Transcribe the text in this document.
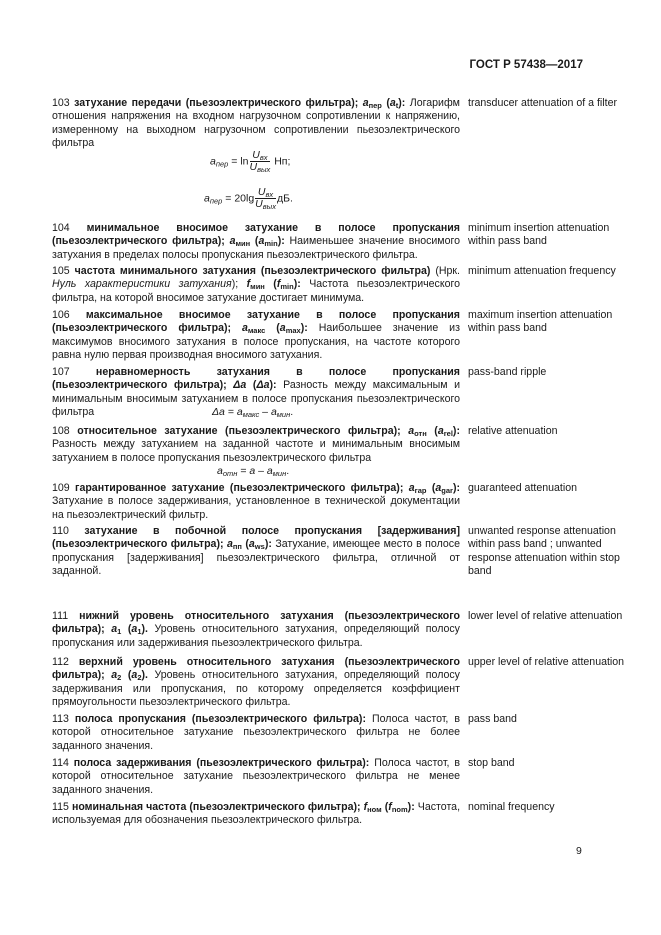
ГОСТ Р 57438—2017
103 затухание передачи (пьезоэлектрического фильтра); $a_{пер}$ $(a_t)$: Логарифм отношения напряжения на входном нагрузочном сопротивлении к напряжению, измеренному на выходном нагрузочном сопротивлении пьезоэлектрического фильтра
transducer attenuation of a filter
$a_{пер} = \ln \frac{U_{вх}}{U_{вых}}$ Нп;
$a_{пер} = 20\lg \frac{U_{вх}}{U_{вых}}$ дБ.
104 минимальное вносимое затухание в полосе пропускания (пьезоэлектрического фильтра); $a_{мин}$ $(a_{min})$: Наименьшее значение вносимого затухания в пределах полосы пропускания пьезоэлектрического фильтра.
minimum insertion attenuation within pass band
105 частота минимального затухания (пьезоэлектрического фильтра) (Нрк. Нуль характеристики затухания); $f_{мин}$ $(f_{min})$: Частота пьезоэлектрического фильтра, на которой вносимое затухание достигает минимума.
minimum attenuation frequency
106 максимальное вносимое затухание в полосе пропускания (пьезоэлектрического фильтра); $a_{макс}$ $(a_{max})$: Наибольшее значение из максимумов вносимого затухания в полосе пропускания, на частоте которого равна нулю первая производная вносимого затухания.
maximum insertion attenuation within pass band
107 неравномерность затухания в полосе пропускания (пьезоэлектрического фильтра); Δa (Δa): Разность между максимальным и минимальным вносимым затуханием в полосе пропускания пьезоэлектрического фильтра
pass-band ripple
$\Delta a = a_{макс} - a_{мин}$.
108 относительное затухание (пьезоэлектрического фильтра); $a_{отн}$ $(a_{rel})$: Разность между затуханием на заданной частоте и минимальным вносимым затуханием в полосе пропускания пьезоэлектрического фильтра
relative attenuation
$a_{отн} = a - a_{мин}$.
109 гарантированное затухание (пьезоэлектрического фильтра); $a_{гар}$ $(a_{gar})$: Затухание в полосе задерживания, установленное в технической документации на пьезоэлектрический фильтр.
guaranteed attenuation
110 затухание в побочной полосе пропускания [задерживания] (пьезоэлектрического фильтра); $a_{пп}$ $(a_{ws})$: Затухание, имеющее место в полосе пропускания [задерживания] пьезоэлектрического фильтра, отличной от заданной.
unwanted response attenuation within pass band ; unwanted response attenuation within stop band
111 нижний уровень относительного затухания (пьезоэлектрического фильтра); $a_1$ $(a_1)$. Уровень относительного затухания, определяющий полосу пропускания или задерживания пьезоэлектрического фильтра.
lower level of relative attenuation
112 верхний уровень относительного затухания (пьезоэлектрического фильтра); $a_2$ $(a_2)$. Уровень относительного затухания, определяющий полосу задерживания или пропускания, по которому определяется коэффициент прямоугольности пьезоэлектрического фильтра.
upper level of relative attenuation
113 полоса пропускания (пьезоэлектрического фильтра): Полоса частот, в которой относительное затухание пьезоэлектрического фильтра не более заданного значения.
pass band
114 полоса задерживания (пьезоэлектрического фильтра): Полоса частот, в которой относительное затухание пьезоэлектрического фильтра не менее заданного значения.
stop band
115 номинальная частота (пьезоэлектрического фильтра); $f_{ном}$ $(f_{nom})$: Частота, используемая для обозначения пьезоэлектрического фильтра.
nominal frequency
9
